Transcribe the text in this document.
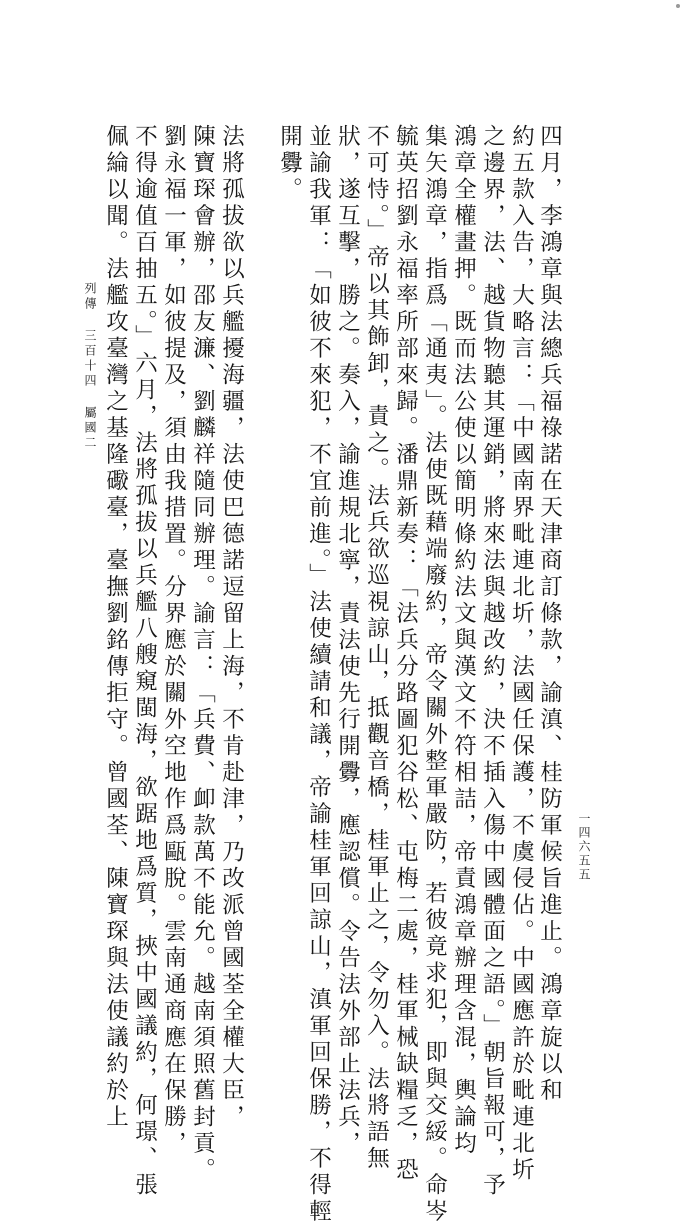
列傳 三百十四 屬國二
一四六五五
四月，李鴻章與法總兵福祿諾在天津商訂條款，諭滇、桂防軍候旨進止。鴻章旋以和
約五款入告，大略言：「中國南界毗連北圻，法國任保護，不虞侵佔。中國應許於毗連北圻
之邊界，法、越貨物聽其運銷，將來法與越改約，決不插入傷中國體面之語。」朝旨報可，予
鴻章全權畫押。既而法公使以簡明條約法文與漢文不符相詰，帝責鴻章辦理含混，輿論均
集矢鴻章，指爲「通夷」。法使既藉端廢約，帝令關外整軍嚴防，若彼竟求犯，即與交綏。命岑
毓英招劉永福率所部來歸。潘鼎新奏：「法兵分路圖犯谷松、屯梅二處，桂軍械缺糧乏，恐
不可恃。」帝以其飾卸，責之。法兵欲巡視諒山，抵觀音橋，桂軍止之，令勿入。法將語無
狀，遂互擊，勝之。奏入，諭進規北寧，責法使先行開釁，應認償。令告法外部止法兵，
並諭我軍：「如彼不來犯，不宜前進。」法使續請和議，帝諭桂軍回諒山，滇軍回保勝，不得輕
開釁。
法將孤拔欲以兵艦擾海疆，法使巴德諾逗留上海，不肯赴津，乃改派曾國荃全權大臣，
陳寶琛會辦，邵友濂、劉麟祥隨同辦理。諭言：「兵費、卹款萬不能允。越南須照舊封貢。
劉永福一軍，如彼提及，須由我措置。分界應於關外空地作爲甌脫。雲南通商應在保勝，
不得逾值百抽五。」六月，法將孤拔以兵艦八艘窺閩海，欲踞地爲質，挾中國議約，何璟、張
佩綸以聞。法艦攻臺灣之基隆礮臺，臺撫劉銘傳拒守。曾國荃、陳寶琛與法使議約於上
